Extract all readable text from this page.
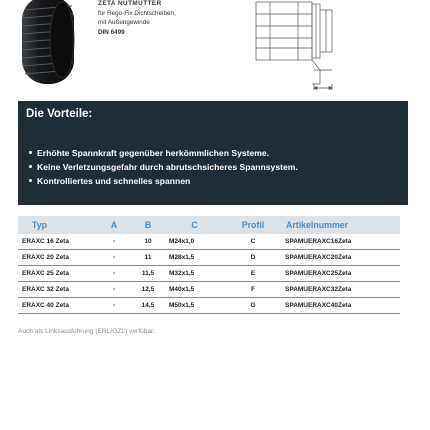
ZETA NUTMUTTER
für Rego-Fix Dichtscheiben,
mit Außengewinde
DIN 6499
Die Vorteile:
Erhöhte Spannkraft gegenüber herkömmlichen Systeme.
Keine Verletzungsgefahr durch abrutschsicheres Spannsystem.
Kontrolliertes und schnelles spannen
Typ	A	B	C	Profil	Artikelnummer
ERAXC 16 Zeta	-	10	M24x1,0	C	SPAMUERAXC16Zeta
ERAXC 20 Zeta	-	11	M28x1,5	D	SPAMUERAXC20Zeta
ERAXC 25 Zeta	-	11,5	M32x1,5	E	SPAMUERAXC25Zeta
ERAXC 32 Zeta	-	12,5	M40x1,5	F	SPAMUERAXC32Zeta
ERAXC 40 Zeta	-	14,5	M50x1,5	G	SPAMUERAXC40Zeta
Auch als Linksausführung (ERL/OZL) verfübar.
